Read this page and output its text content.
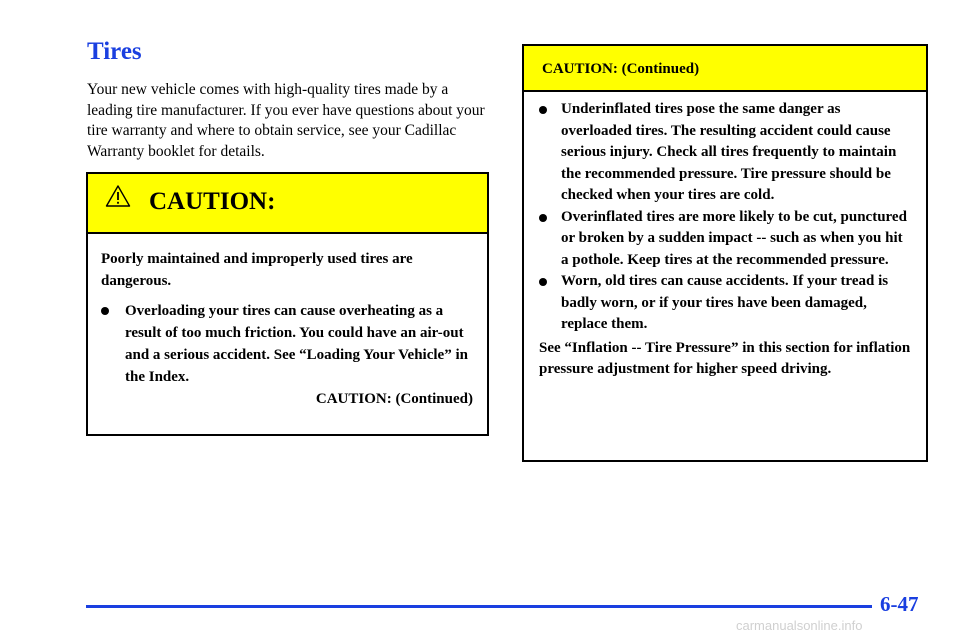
Tires
Your new vehicle comes with high-quality tires made by a leading tire manufacturer. If you ever have questions about your tire warranty and where to obtain service, see your Cadillac Warranty booklet for details.
CAUTION:

Poorly maintained and improperly used tires are dangerous.

Overloading your tires can cause overheating as a result of too much friction. You could have an air-out and a serious accident. See “Loading Your Vehicle” in the Index.

CAUTION: (Continued)

CAUTION: (Continued)
Underinflated tires pose the same danger as overloaded tires. The resulting accident could cause serious injury. Check all tires frequently to maintain the recommended pressure. Tire pressure should be checked when your tires are cold.
Overinflated tires are more likely to be cut, punctured or broken by a sudden impact -- such as when you hit a pothole. Keep tires at the recommended pressure.
Worn, old tires can cause accidents. If your tread is badly worn, or if your tires have been damaged, replace them.

See “Inflation -- Tire Pressure” in this section for inflation pressure adjustment for higher speed driving.

6-47
carmanualsonline.info
